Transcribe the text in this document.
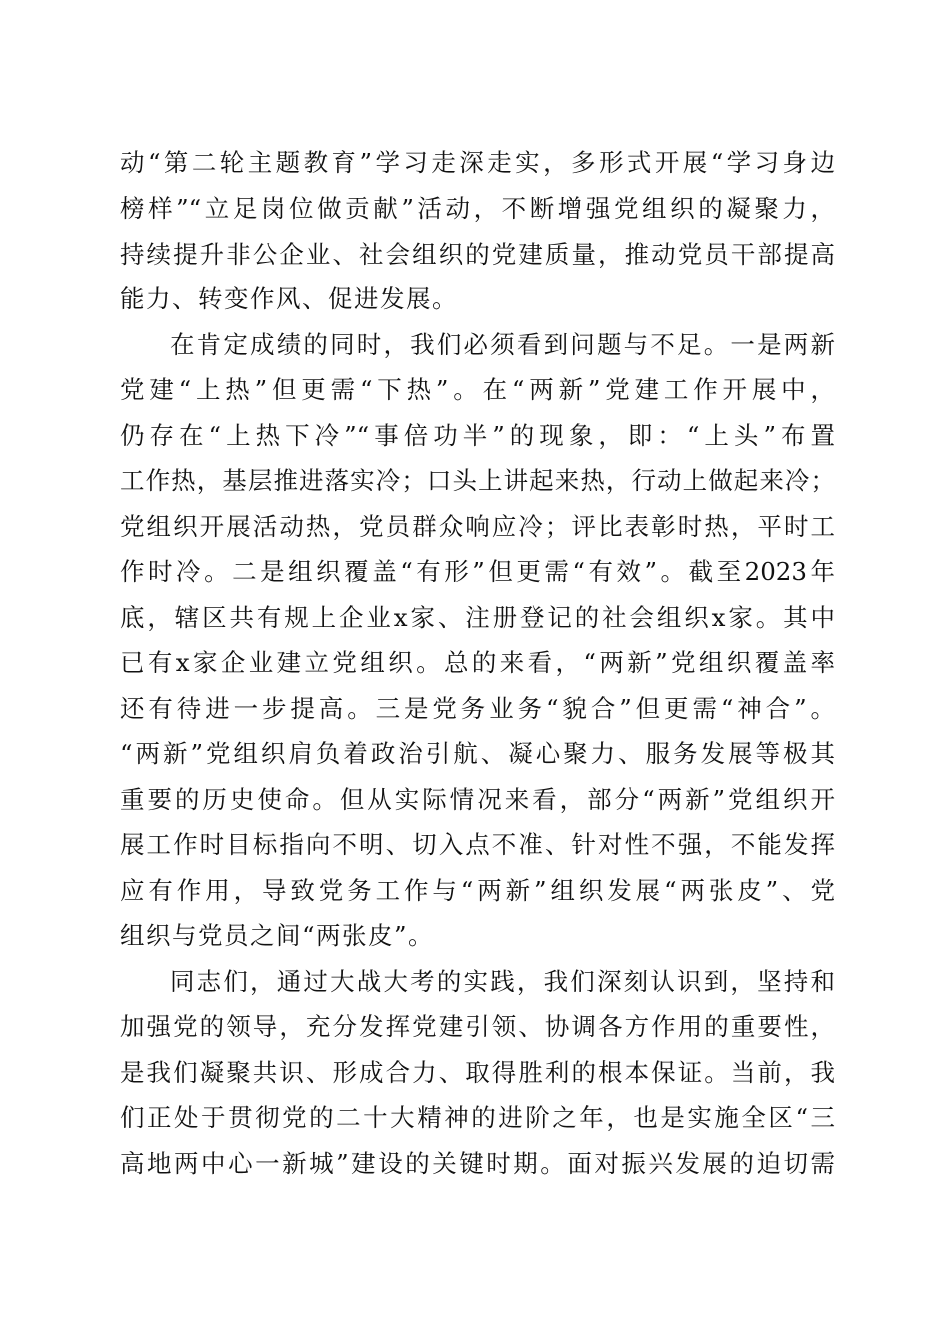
动“第二轮主题教育”学习走深走实，多形式开展“学习身边
榜样”“立足岗位做贡献”活动，不断增强党组织的凝聚力，
持续提升非公企业、社会组织的党建质量，推动党员干部提高
能力、转变作风、促进发展。
在肯定成绩的同时，我们必须看到问题与不足。一是两新
党建“上热”但更需“下热”。在“两新”党建工作开展中，
仍存在“上热下冷”“事倍功半”的现象，即：“上头”布置
工作热，基层推进落实冷；口头上讲起来热，行动上做起来冷；
党组织开展活动热，党员群众响应冷；评比表彰时热，平时工
作时冷。二是组织覆盖“有形”但更需“有效”。截至2023年
底，辖区共有规上企业x家、注册登记的社会组织x家。其中
已有x家企业建立党组织。总的来看，“两新”党组织覆盖率
还有待进一步提高。三是党务业务“貌合”但更需“神合”。
“两新”党组织肩负着政治引航、凝心聚力、服务发展等极其
重要的历史使命。但从实际情况来看，部分“两新”党组织开
展工作时目标指向不明、切入点不准、针对性不强，不能发挥
应有作用，导致党务工作与“两新”组织发展“两张皮”、党
组织与党员之间“两张皮”。
同志们，通过大战大考的实践，我们深刻认识到，坚持和
加强党的领导，充分发挥党建引领、协调各方作用的重要性，
是我们凝聚共识、形成合力、取得胜利的根本保证。当前，我
们正处于贯彻党的二十大精神的进阶之年，也是实施全区“三
高地两中心一新城”建设的关键时期。面对振兴发展的迫切需
